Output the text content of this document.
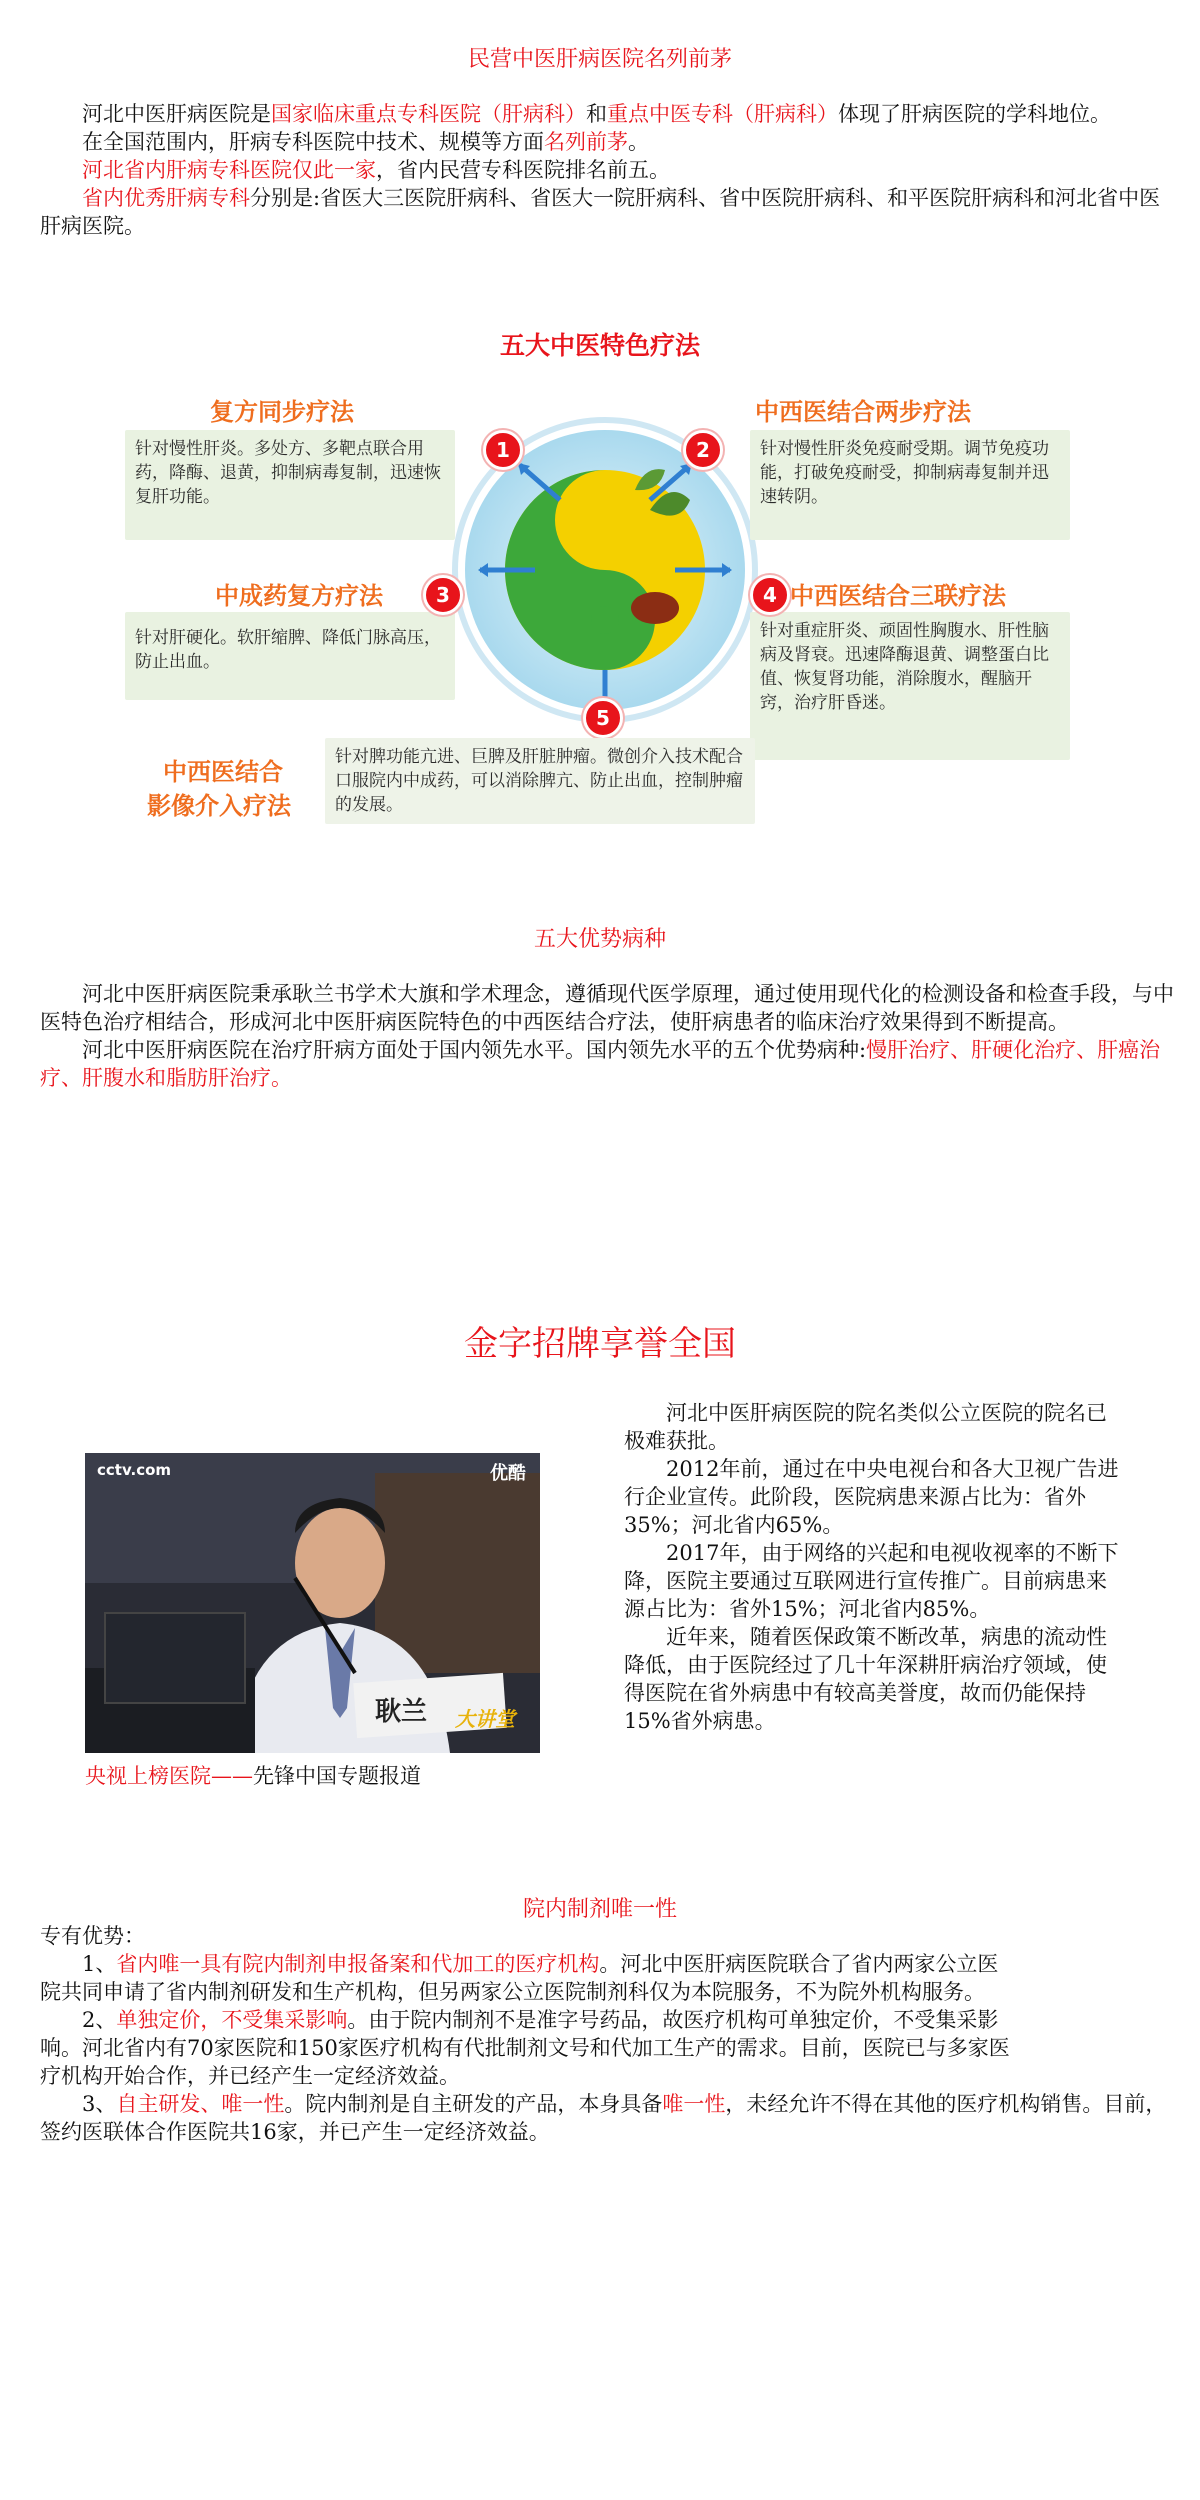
民营中医肝病医院名列前茅

河北中医肝病医院是国家临床重点专科医院（肝病科）和重点中医专科（肝病科）体现了肝病医院的学科地位。

在全国范围内，肝病专科医院中技术、规模等方面名列前茅。

河北省内肝病专科医院仅此一家，省内民营专科医院排名前五。

省内优秀肝病专科分别是:省医大三医院肝病科、省医大一院肝病科、省中医院肝病科、和平医院肝病科和河北省中医肝病医院。

五大中医特色疗法
复方同步疗法
针对慢性肝炎。多处方、多靶点联合用药，降酶、退黄，抑制病毒复制，迅速恢复肝功能。
1
中西医结合两步疗法
针对慢性肝炎免疫耐受期。调节免疫功能，打破免疫耐受，抑制病毒复制并迅速转阴。
2
中成药复方疗法
针对肝硬化。软肝缩脾、降低门脉高压，防止出血。
3	中西医结合三联疗法
针对重症肝炎、顽固性胸腹水、肝性脑病及肾衰。迅速降酶退黄、调整蛋白比值、恢复肾功能，消除腹水，醒脑开窍，治疗肝昏迷。
4
5
中西医结合
影像介入疗法
针对脾功能亢进、巨脾及肝脏肿瘤。微创介入技术配合口服院内中成药，可以消除脾亢、防止出血，控制肿瘤的发展。
五大优势病种

河北中医肝病医院秉承耿兰书学术大旗和学术理念，遵循现代医学原理，通过使用现代化的检测设备和检查手段，与中医特色治疗相结合，形成河北中医肝病医院特色的中西医结合疗法，使肝病患者的临床治疗效果得到不断提高。

河北中医肝病医院在治疗肝病方面处于国内领先水平。国内领先水平的五个优势病种:慢肝治疗、肝硬化治疗、肝癌治疗、肝腹水和脂肪肝治疗。

金字招牌享誉全国
cctv.com	优酷
耿兰 大讲堂
央视上榜医院——先锋中国专题报道

河北中医肝病医院的院名类似公立医院的院名已极难获批。

2012年前，通过在中央电视台和各大卫视广告进行企业宣传。此阶段，医院病患来源占比为：省外35%；河北省内65%。

2017年，由于网络的兴起和电视收视率的不断下降，医院主要通过互联网进行宣传推广。目前病患来源占比为：省外15%；河北省内85%。

近年来，随着医保政策不断改革，病患的流动性降低，由于医院经过了几十年深耕肝病治疗领域，使得医院在省外病患中有较高美誉度，故而仍能保持15%省外病患。

院内制剂唯一性

专有优势：

1、省内唯一具有院内制剂申报备案和代加工的医疗机构。河北中医肝病医院联合了省内两家公立医

院共同申请了省内制剂研发和生产机构，但另两家公立医院制剂科仅为本院服务，不为院外机构服务。

2、单独定价，不受集采影响。由于院内制剂不是准字号药品，故医疗机构可单独定价，不受集采影

响。河北省内有70家医院和150家医疗机构有代批制剂文号和代加工生产的需求。目前，医院已与多家医

疗机构开始合作，并已经产生一定经济效益。

3、自主研发、唯一性。院内制剂是自主研发的产品，本身具备唯一性，未经允许不得在其他的医疗机构销售。目前，签约医联体合作医院共16家，并已产生一定经济效益。
